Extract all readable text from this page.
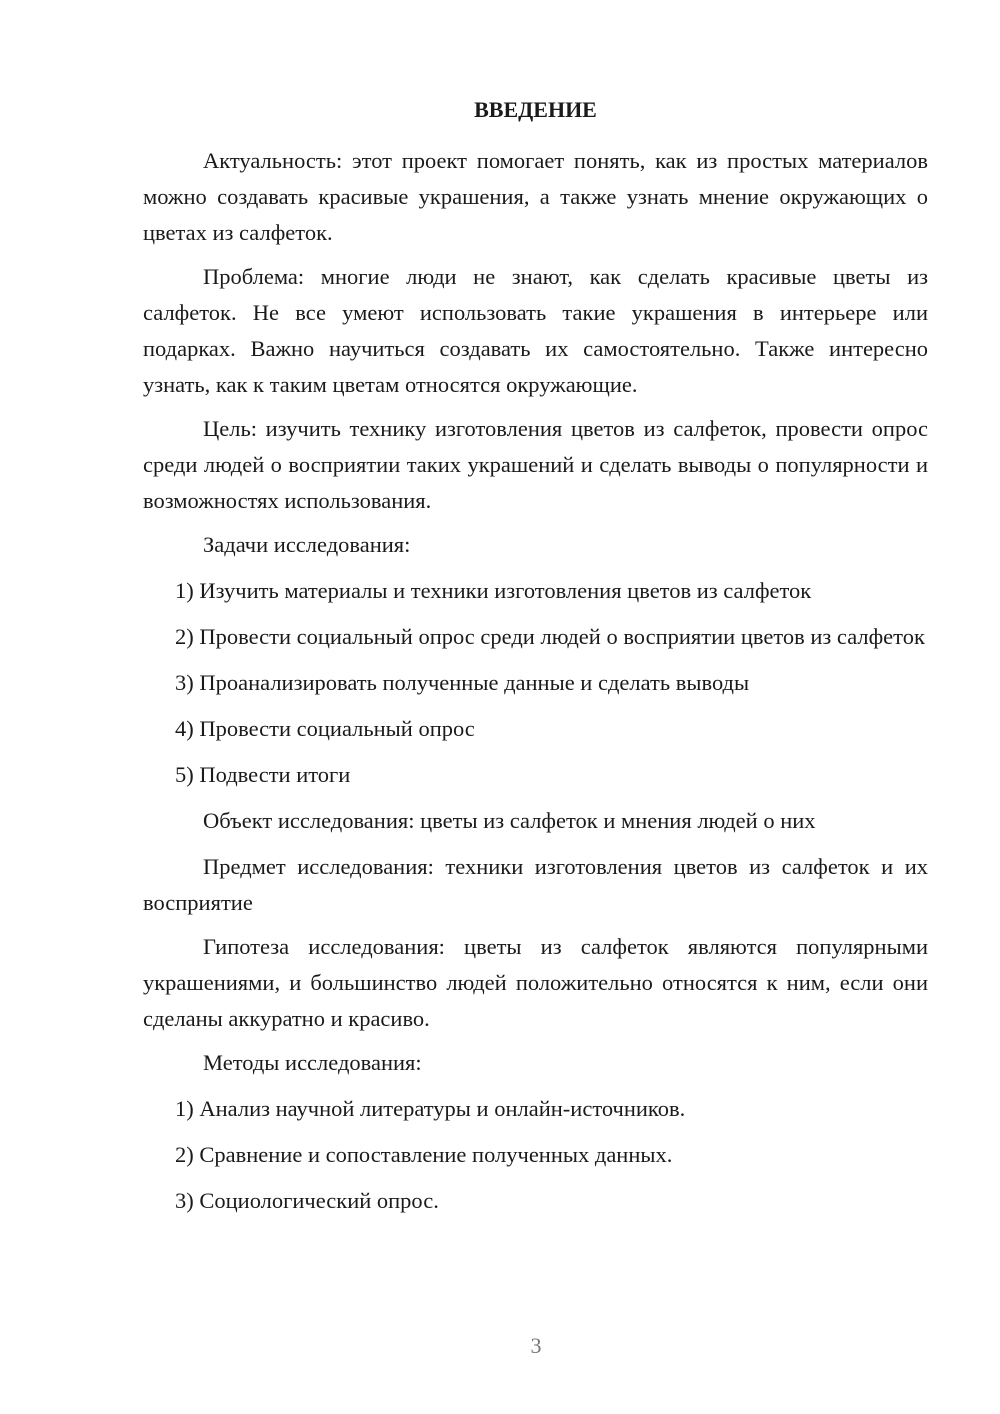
ВВЕДЕНИЕ

Актуальность: этот проект помогает понять, как из простых материалов можно создавать красивые украшения, а также узнать мнение окружающих о цветах из салфеток.

Проблема: многие люди не знают, как сделать красивые цветы из салфеток. Не все умеют использовать такие украшения в интерьере или подарках. Важно научиться создавать их самостоятельно. Также интересно узнать, как к таким цветам относятся окружающие.

Цель: изучить технику изготовления цветов из салфеток, провести опрос среди людей о восприятии таких украшений и сделать выводы о популярности и возможностях использования.

Задачи исследования:

1) Изучить материалы и техники изготовления цветов из салфеток

2) Провести социальный опрос среди людей о восприятии цветов из салфеток

3) Проанализировать полученные данные и сделать выводы

4) Провести социальный опрос

5) Подвести итоги

Объект исследования: цветы из салфеток и мнения людей о них

Предмет исследования: техники изготовления цветов из салфеток и их восприятие

Гипотеза исследования: цветы из салфеток являются популярными украшениями, и большинство людей положительно относятся к ним, если они сделаны аккуратно и красиво.

Методы исследования:

1) Анализ научной литературы и онлайн-источников.

2) Сравнение и сопоставление полученных данных.

3) Социологический опрос.

3
